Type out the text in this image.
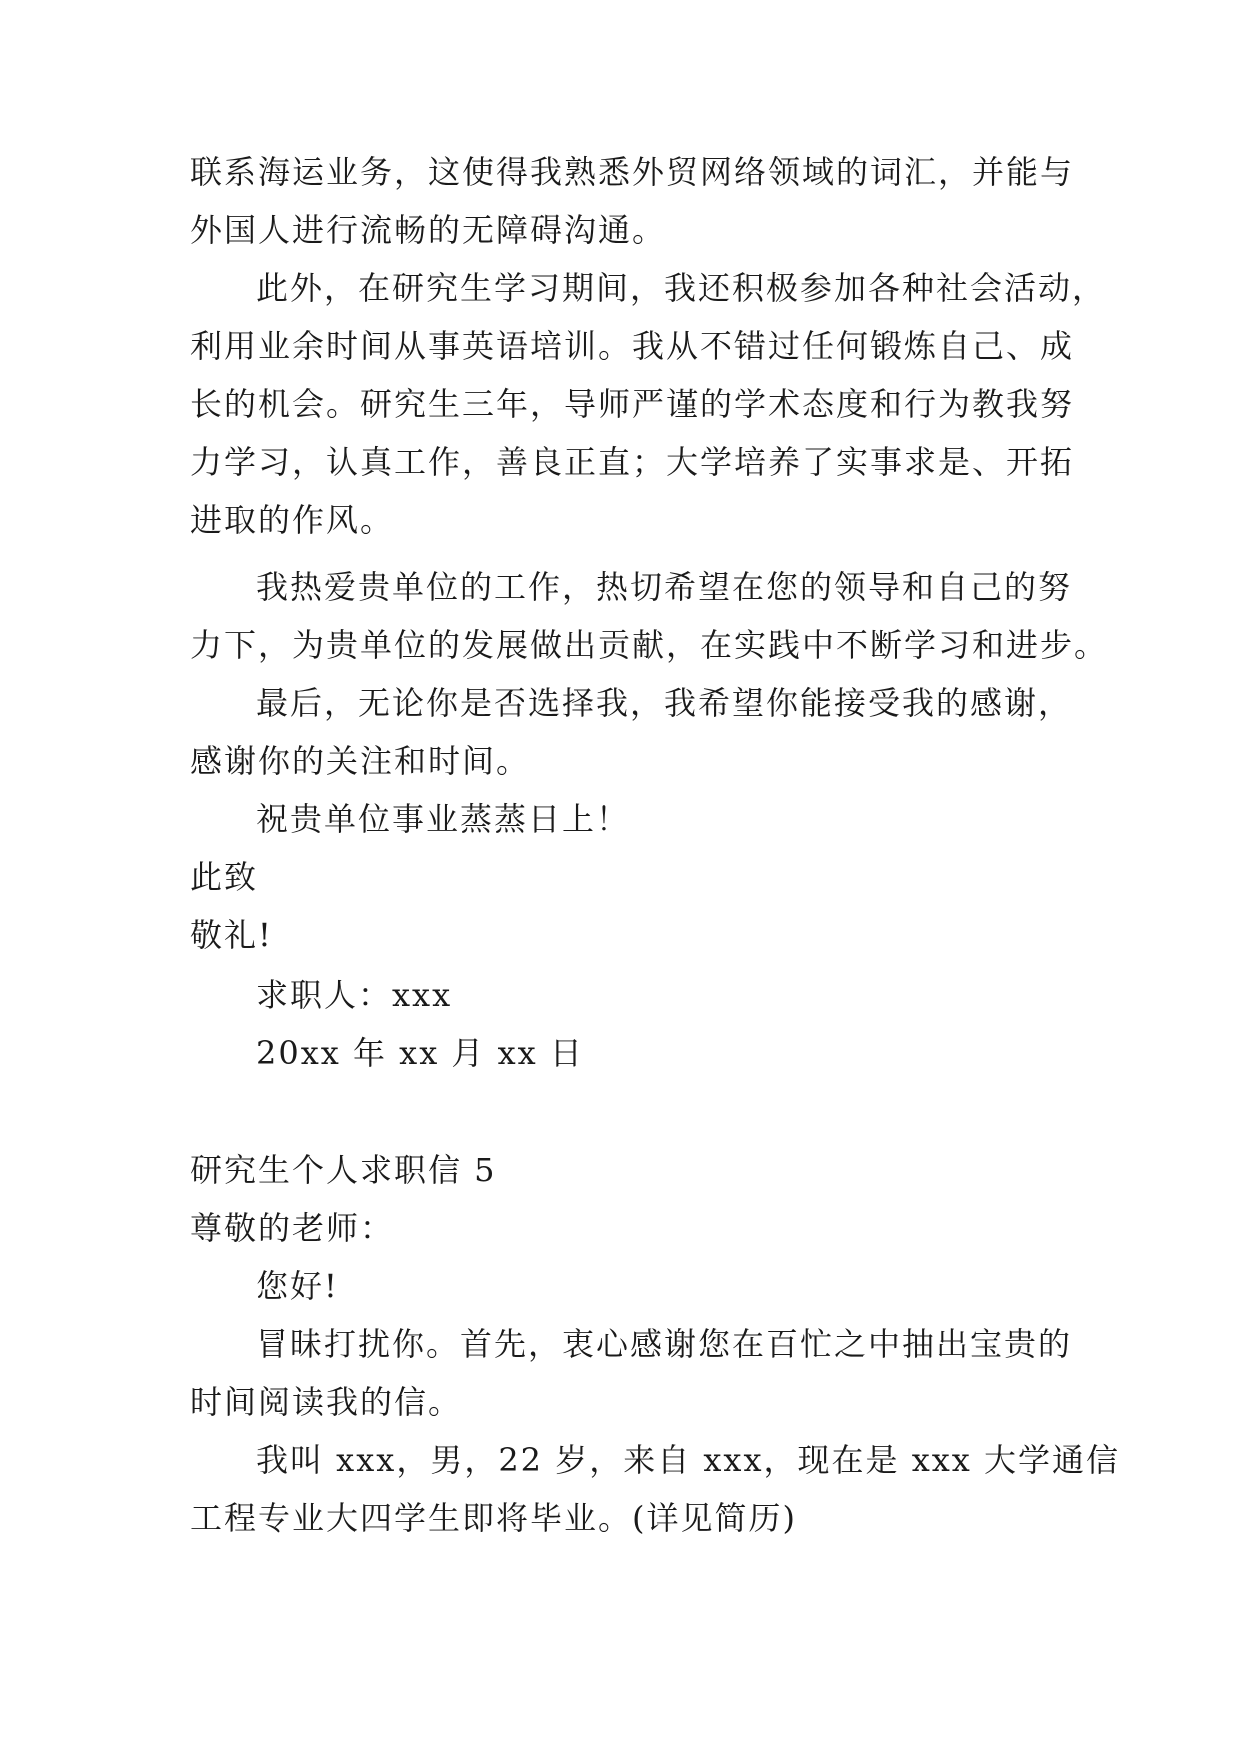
联系海运业务，这使得我熟悉外贸网络领域的词汇，并能与
外国人进行流畅的无障碍沟通。
此外，在研究生学习期间，我还积极参加各种社会活动，
利用业余时间从事英语培训。我从不错过任何锻炼自己、成
长的机会。研究生三年，导师严谨的学术态度和行为教我努
力学习，认真工作，善良正直；大学培养了实事求是、开拓
进取的作风。
我热爱贵单位的工作，热切希望在您的领导和自己的努
力下，为贵单位的发展做出贡献，在实践中不断学习和进步。
最后，无论你是否选择我，我希望你能接受我的感谢，
感谢你的关注和时间。
祝贵单位事业蒸蒸日上！
此致
敬礼!
求职人：xxx
20xx 年 xx 月 xx 日
研究生个人求职信 5
尊敬的老师：
您好!
冒昧打扰你。首先，衷心感谢您在百忙之中抽出宝贵的
时间阅读我的信。
我叫 xxx，男，22 岁，来自 xxx，现在是 xxx 大学通信
工程专业大四学生即将毕业。(详见简历)
